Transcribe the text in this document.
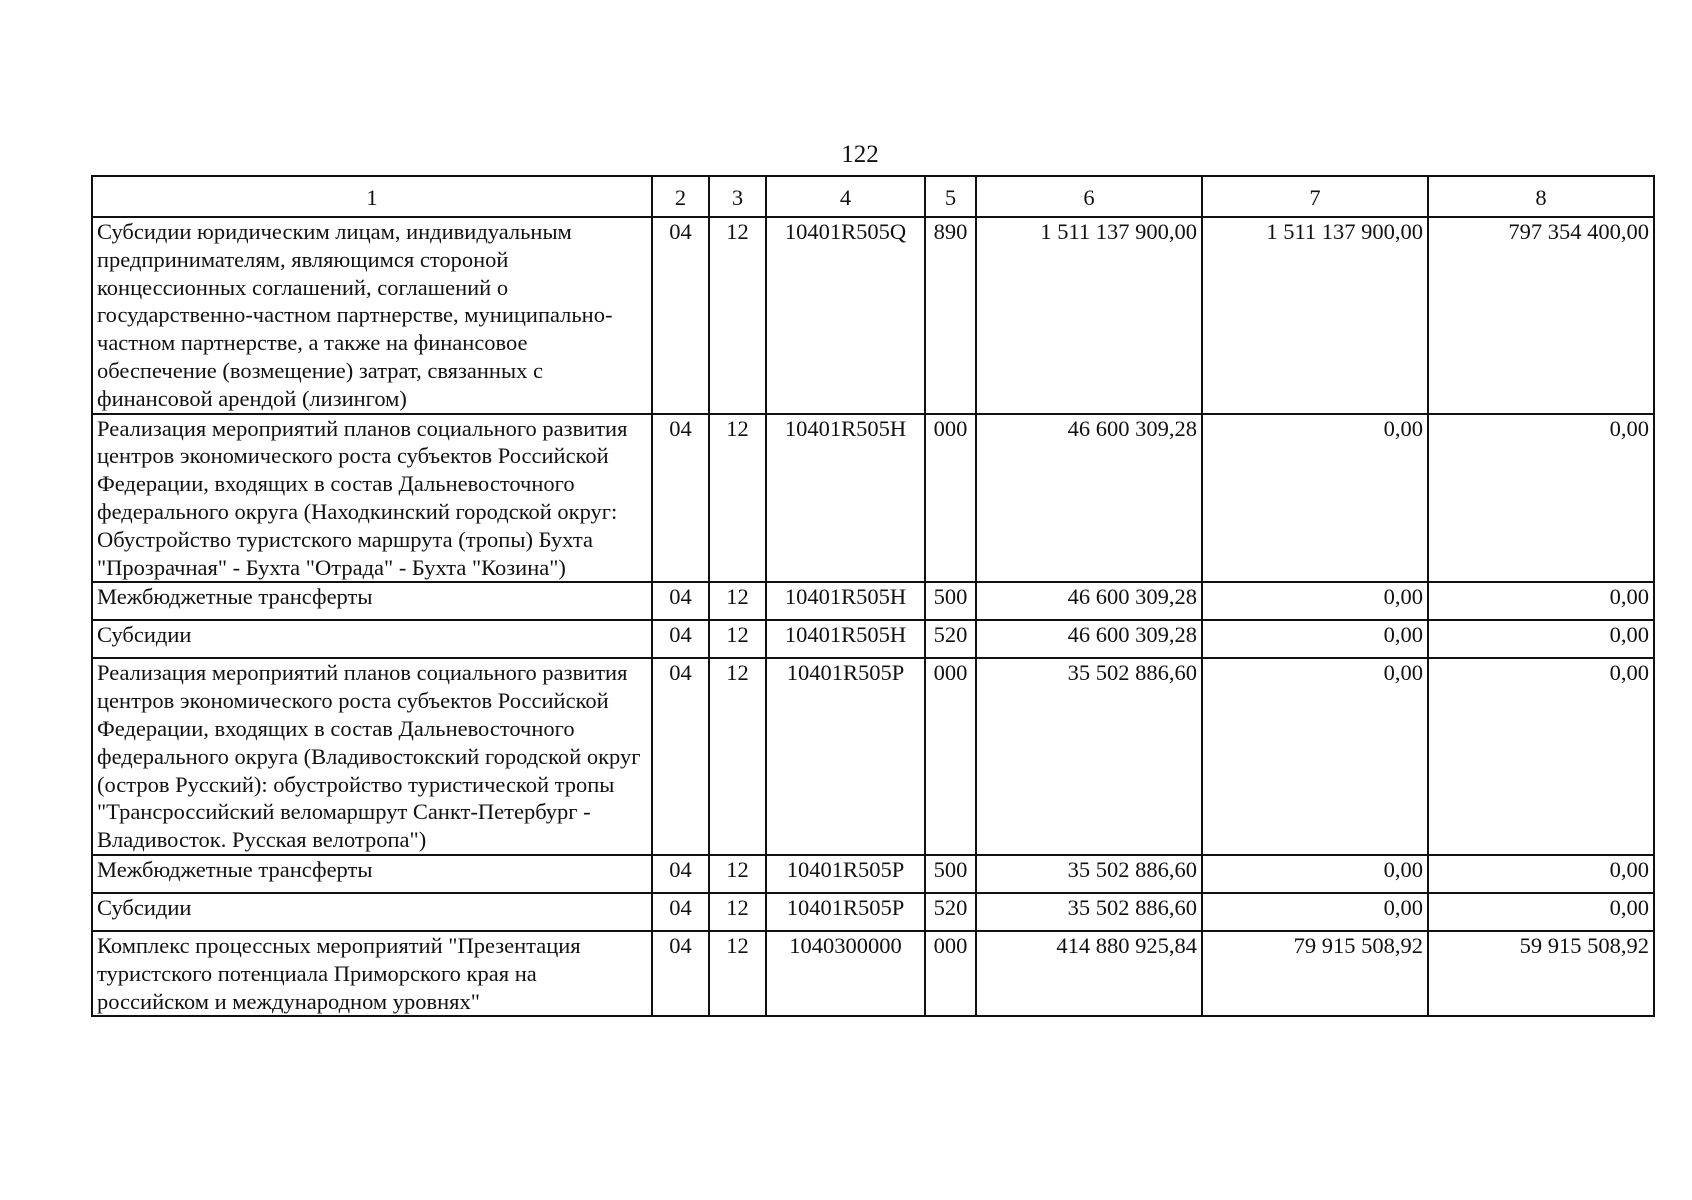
122
1	2	3	4	5	6	7	8
Субсидии юридическим лицам, индивидуальным предпринимателям, являющимся стороной концессионных соглашений, соглашений о государственно-частном партнерстве, муниципально-частном партнерстве, а также на финансовое обеспечение (возмещение) затрат, связанных с финансовой арендой (лизингом)	04	12	10401R505Q	890	1 511 137 900,00	1 511 137 900,00	797 354 400,00
Реализация мероприятий планов социального развития центров экономического роста субъектов Российской Федерации, входящих в состав Дальневосточного федерального округа (Находкинский городской округ: Обустройство туристского маршрута (тропы) Бухта "Прозрачная" - Бухта "Отрада" - Бухта "Козина")	04	12	10401R505H	000	46 600 309,28	0,00	0,00
Межбюджетные трансферты	04	12	10401R505H	500	46 600 309,28	0,00	0,00
Субсидии	04	12	10401R505H	520	46 600 309,28	0,00	0,00
Реализация мероприятий планов социального развития центров экономического роста субъектов Российской Федерации, входящих в состав Дальневосточного федерального округа (Владивостокский городской округ (остров Русский): обустройство туристической тропы "Трансроссийский веломаршрут Санкт-Петербург - Владивосток. Русская велотропа")	04	12	10401R505P	000	35 502 886,60	0,00	0,00
Межбюджетные трансферты	04	12	10401R505P	500	35 502 886,60	0,00	0,00
Субсидии	04	12	10401R505P	520	35 502 886,60	0,00	0,00
Комплекс процессных мероприятий "Презентация туристского потенциала Приморского края на российском и международном уровнях"	04	12	1040300000	000	414 880 925,84	79 915 508,92	59 915 508,92
